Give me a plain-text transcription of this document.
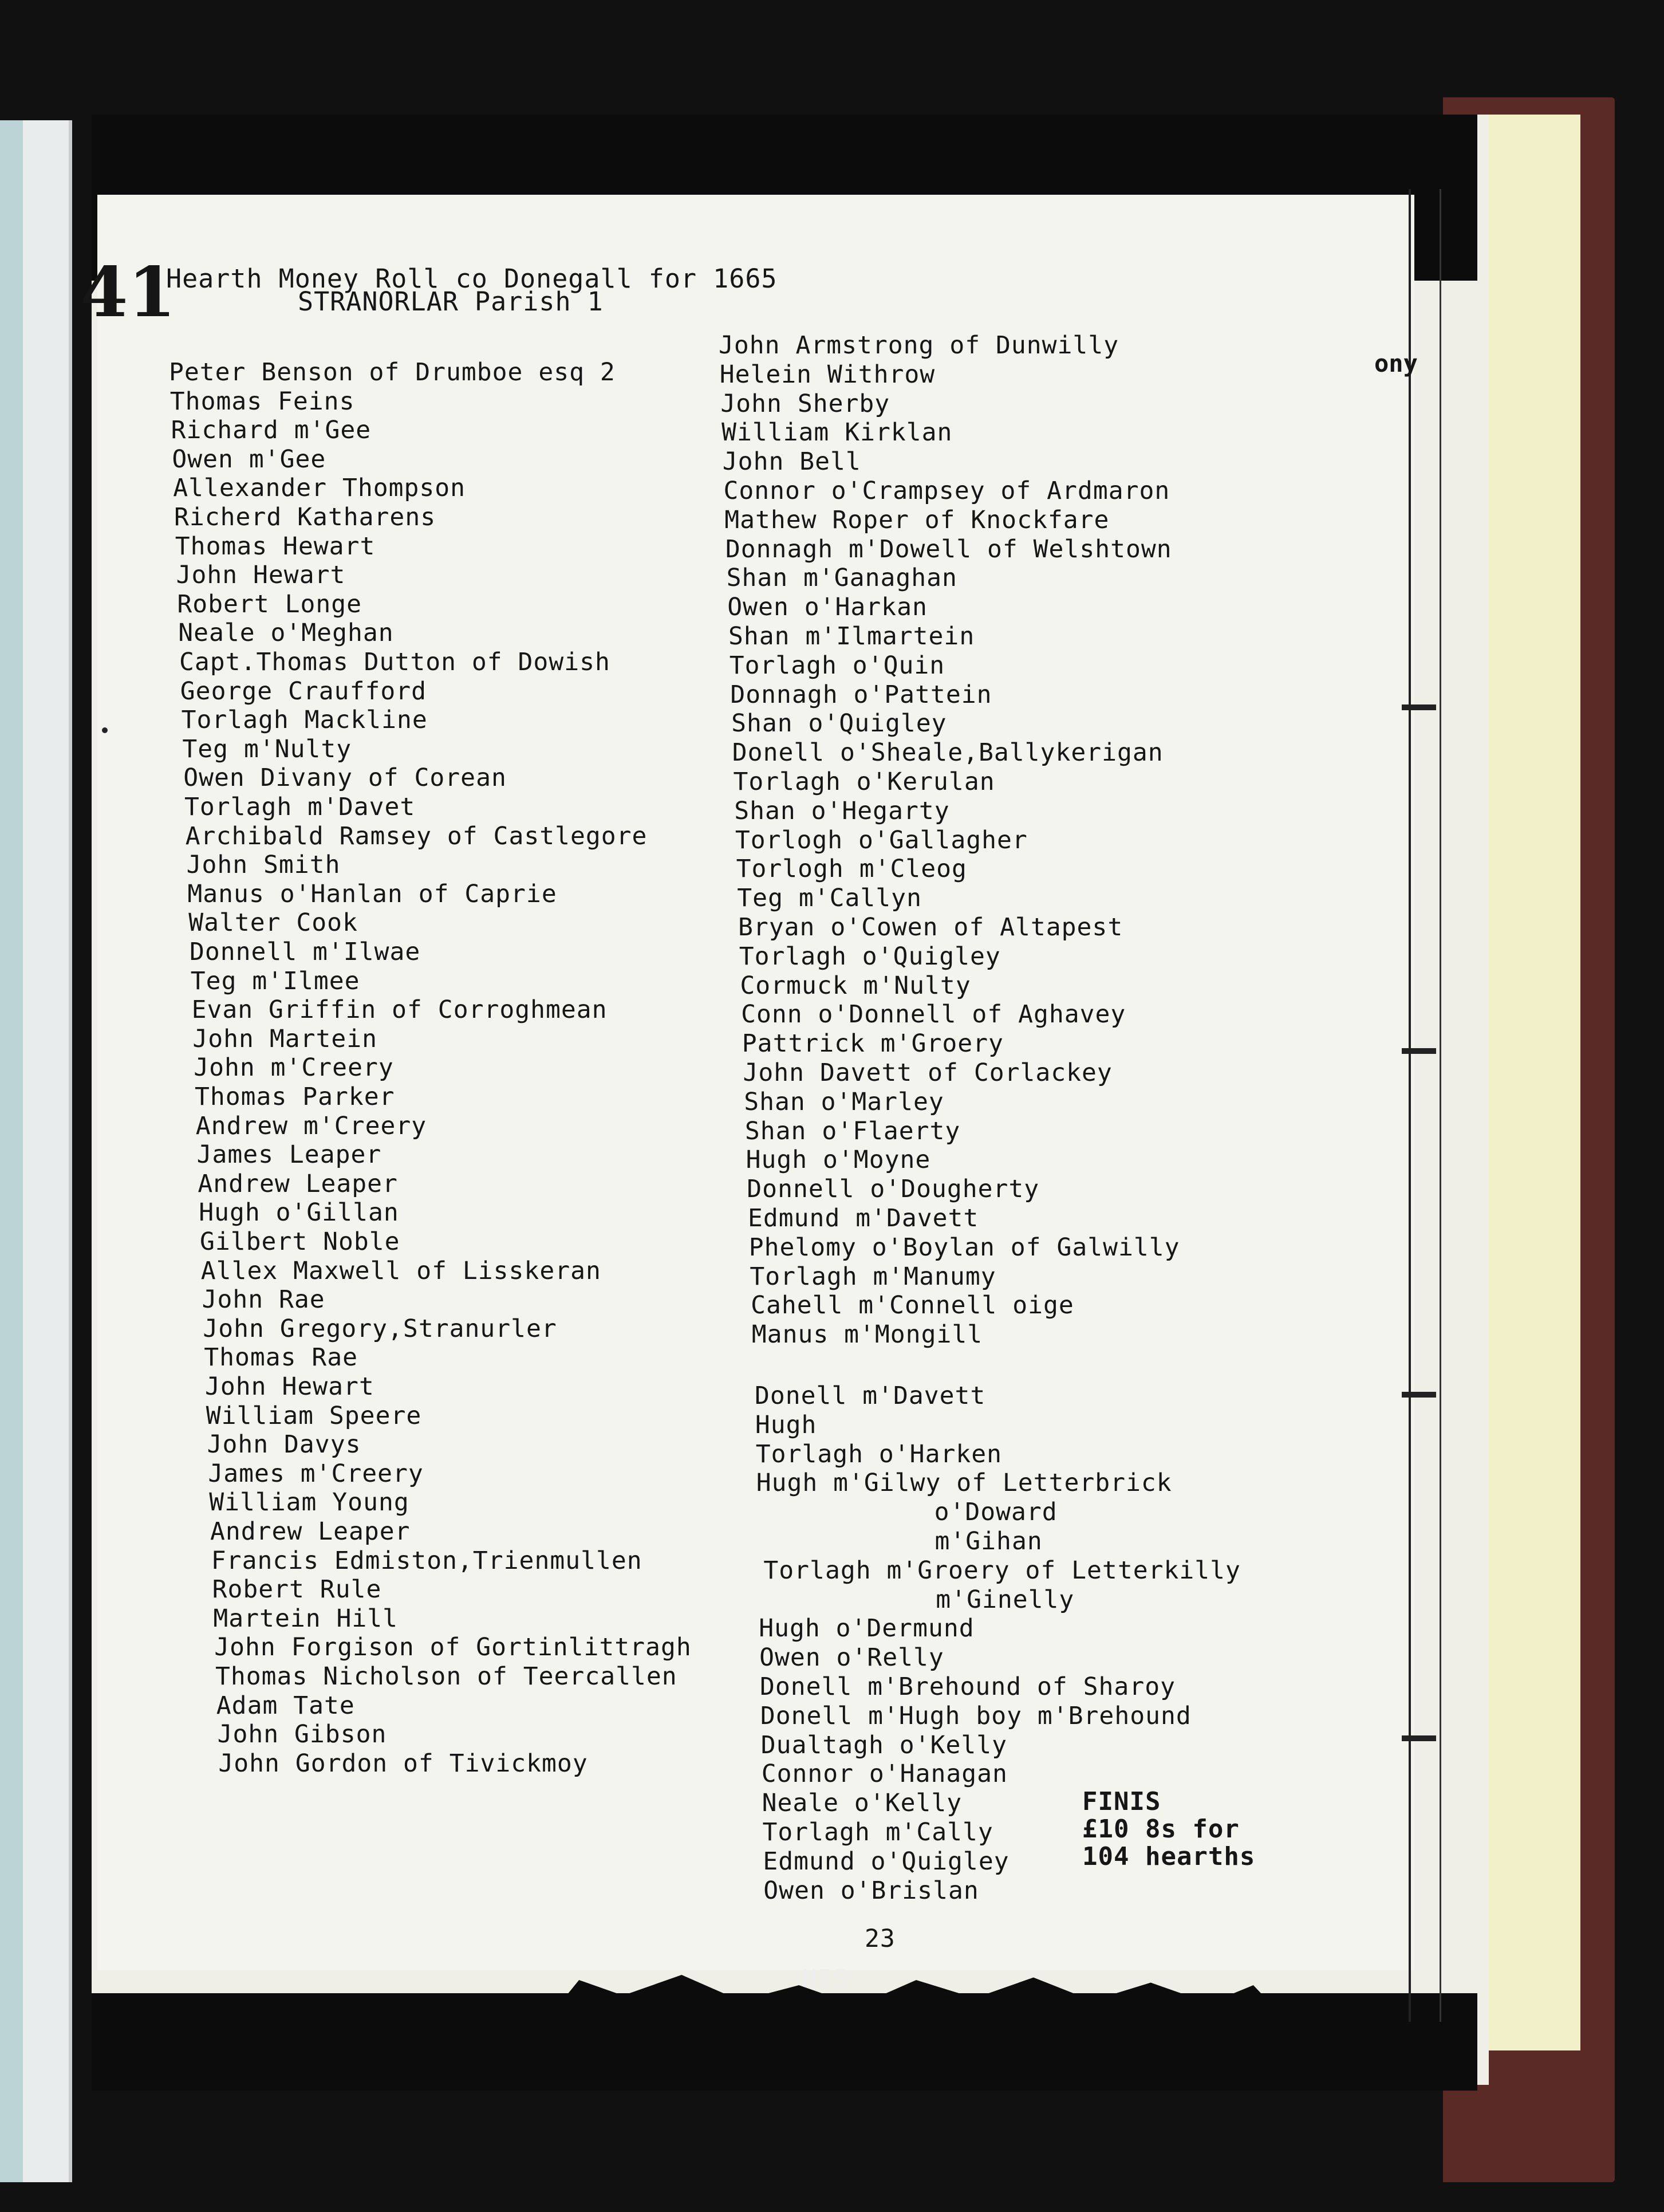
41
ony
Hearth Money Roll co Donegall for 1665
STRANORLAR Parish 1
Peter Benson of Drumboe esq 2
Thomas Feins
Richard m'Gee
Owen m'Gee
Allexander Thompson
Richerd Katharens
Thomas Hewart
John Hewart
Robert Longe
Neale o'Meghan
Capt.Thomas Dutton of Dowish
George Craufford
Torlagh Mackline
Teg m'Nulty
Owen Divany of Corean
Torlagh m'Davet
Archibald Ramsey of Castlegore
John Smith
Manus o'Hanlan of Caprie
Walter Cook
Donnell m'Ilwae
Teg m'Ilmee
Evan Griffin of Corroghmean
John Martein
John m'Creery
Thomas Parker
Andrew m'Creery
James Leaper
Andrew Leaper
Hugh o'Gillan
Gilbert Noble
Allex Maxwell of Lisskeran
John Rae
John Gregory,Stranurler
Thomas Rae
John Hewart
William Speere
John Davys
James m'Creery
William Young
Andrew Leaper
Francis Edmiston,Trienmullen
Robert Rule
Martein Hill
John Forgison of Gortinlittragh
Thomas Nicholson of Teercallen
Adam Tate
John Gibson
John Gordon of Tivickmoy
John Armstrong of Dunwilly
Helein Withrow
John Sherby
William Kirklan
John Bell
Connor o'Crampsey of Ardmaron
Mathew Roper of Knockfare
Donnagh m'Dowell of Welshtown
Shan m'Ganaghan
Owen o'Harkan
Shan m'Ilmartein
Torlagh o'Quin
Donnagh o'Pattein
Shan o'Quigley
Donell o'Sheale,Ballykerigan
Torlagh o'Kerulan
Shan o'Hegarty
Torlogh o'Gallagher
Torlogh m'Cleog
Teg m'Callyn
Bryan o'Cowen of Altapest
Torlagh o'Quigley
Cormuck m'Nulty
Conn o'Donnell of Aghavey
Pattrick m'Groery
John Davett of Corlackey
Shan o'Marley
Shan o'Flaerty
Hugh o'Moyne
Donnell o'Dougherty
Edmund m'Davett
Phelomy o'Boylan of Galwilly
Torlagh m'Manumy
Cahell m'Connell oige
Manus m'Mongill
Donell m'Davett
Hugh
Torlagh o'Harken
Hugh m'Gilwy of Letterbrick
o'Doward
m'Gihan
Torlagh m'Groery of Letterkilly
m'Ginelly
Hugh o'Dermund
Owen o'Relly
Donell m'Brehound of Sharoy
Donell m'Hugh boy m'Brehound
Dualtagh o'Kelly
Connor o'Hanagan
Neale o'Kelly
Torlagh m'Cally
Edmund o'Quigley
Owen o'Brislan
FINIS
£10 8s for
104 hearths
23
NIS
